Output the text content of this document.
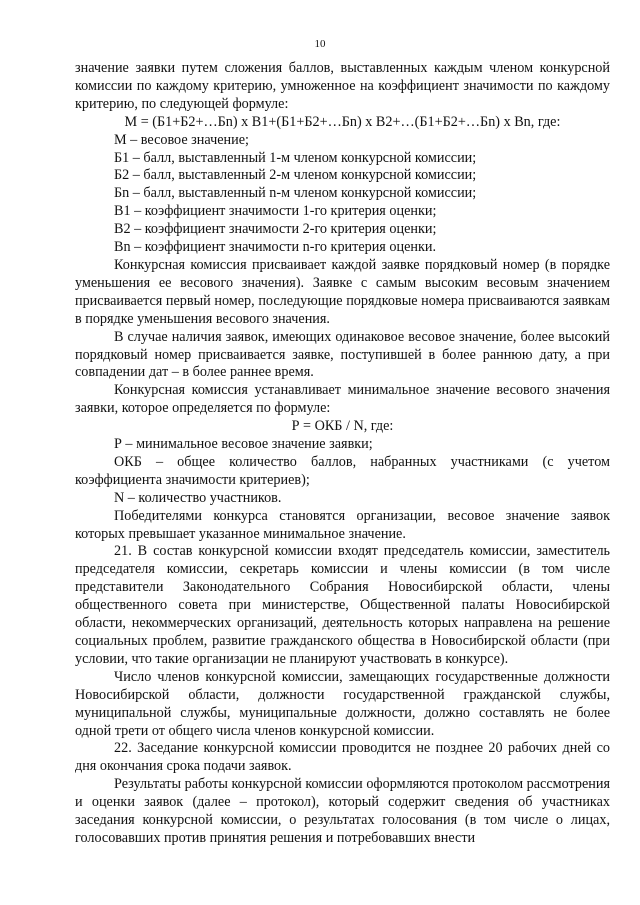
10

значение заявки путем сложения баллов, выставленных каждым членом конкурсной комиссии по каждому критерию, умноженное на коэффициент значимости по каждому критерию, по следующей формуле:

М = (Б1+Б2+…Бn) x В1+(Б1+Б2+…Бn) x В2+…(Б1+Б2+…Бn) x Вn, где:

М – весовое значение;

Б1 – балл, выставленный 1-м членом конкурсной комиссии;

Б2 – балл, выставленный 2-м членом конкурсной комиссии;

Бn – балл, выставленный n-м членом конкурсной комиссии;

В1 – коэффициент значимости 1-го критерия оценки;

В2 – коэффициент значимости 2-го критерия оценки;

Вn – коэффициент значимости n-го критерия оценки.

Конкурсная комиссия присваивает каждой заявке порядковый номер (в порядке уменьшения ее весового значения). Заявке с самым высоким весовым значением присваивается первый номер, последующие порядковые номера присваиваются заявкам в порядке уменьшения весового значения.

В случае наличия заявок, имеющих одинаковое весовое значение, более высокий порядковый номер присваивается заявке, поступившей в более раннюю дату, а при совпадении дат – в более раннее время.

Конкурсная комиссия устанавливает минимальное значение весового значения заявки, которое определяется по формуле:

Р = ОКБ / N, где:

Р – минимальное весовое значение заявки;

ОКБ – общее количество баллов, набранных участниками (с учетом коэффициента значимости критериев);

N – количество участников.

Победителями конкурса становятся организации, весовое значение заявок которых превышает указанное минимальное значение.

21. В состав конкурсной комиссии входят председатель комиссии, заместитель председателя комиссии, секретарь комиссии и члены комиссии (в том числе представители Законодательного Собрания Новосибирской области, члены общественного совета при министерстве, Общественной палаты Новосибирской области, некоммерческих организаций, деятельность которых направлена на решение социальных проблем, развитие гражданского общества в Новосибирской области (при условии, что такие организации не планируют участвовать в конкурсе).

Число членов конкурсной комиссии, замещающих государственные должности Новосибирской области, должности государственной гражданской службы, муниципальной службы, муниципальные должности, должно составлять не более одной трети от общего числа членов конкурсной комиссии.

22. Заседание конкурсной комиссии проводится не позднее 20 рабочих дней со дня окончания срока подачи заявок.

Результаты работы конкурсной комиссии оформляются протоколом рассмотрения и оценки заявок (далее – протокол), который содержит сведения об участниках заседания конкурсной комиссии, о результатах голосования (в том числе о лицах, голосовавших против принятия решения и потребовавших внести
